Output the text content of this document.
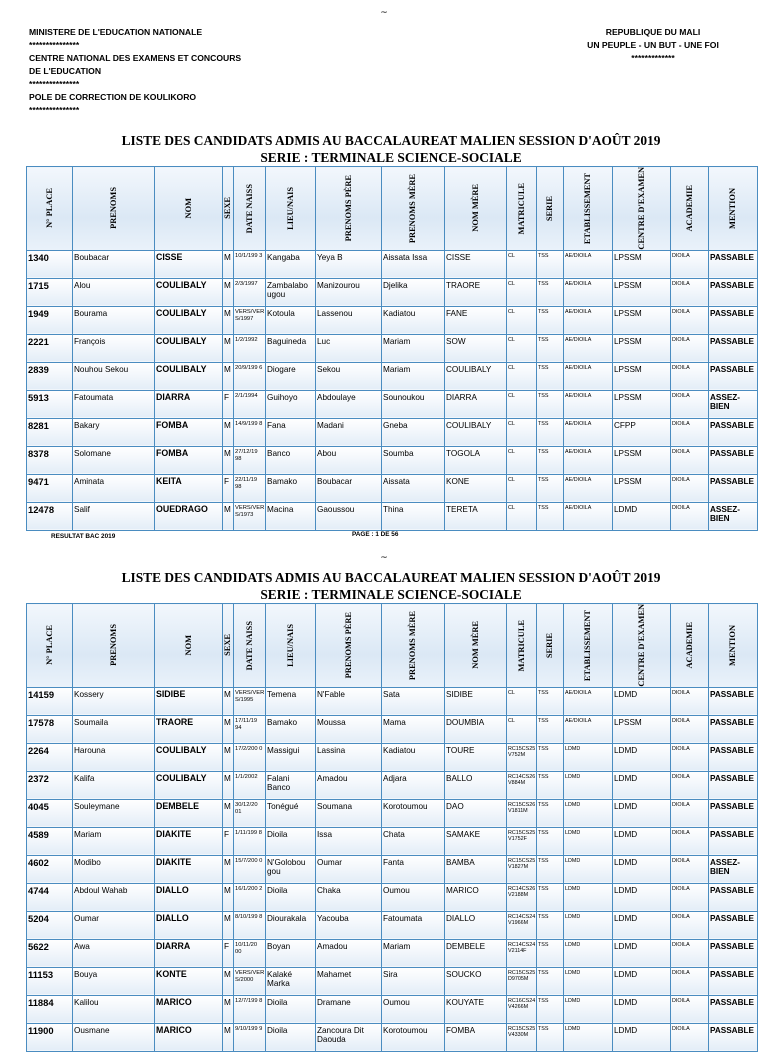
~
MINISTERE DE L'EDUCATION NATIONALE
***************
CENTRE NATIONAL DES EXAMENS ET CONCOURS
DE L'EDUCATION
***************
POLE DE CORRECTION DE KOULIKORO
***************
REPUBLIQUE DU MALI
UN PEUPLE - UN BUT - UNE FOI
*************
LISTE DES CANDIDATS ADMIS AU BACCALAUREAT MALIEN SESSION D'AOÛT 2019
SERIE : TERMINALE SCIENCE-SOCIALE
N° PLACE	PRENOMS	NOM	SEXE	DATE NAISS	LIEU/NAIS	PRENOMS PÈRE	PRENOMS MÈRE	NOM MÈRE	MATRICULE	SERIE	ETABLISSEMENT	CENTRE D'EXAMEN	ACADEMIE	MENTION

1340	Boubacar	CISSE	M	10/1/199 3	Kangaba	Yeya B	Aissata Issa	CISSE	CL	TSS	AE/DIOILA	LPSSM	DIOILA	PASSABLE
1715	Alou	COULIBALY	M	2/3/1997	Zambalabo ugou	Manizourou	Djelika	TRAORE	CL	TSS	AE/DIOILA	LPSSM	DIOILA	PASSABLE
1949	Bourama	COULIBALY	M	VERS/VER S/1997	Kotoula	Lassenou	Kadiatou	FANE	CL	TSS	AE/DIOILA	LPSSM	DIOILA	PASSABLE
2221	François	COULIBALY	M	1/2/1992	Baguineda	Luc	Mariam	SOW	CL	TSS	AE/DIOILA	LPSSM	DIOILA	PASSABLE
2839	Nouhou Sekou	COULIBALY	M	20/9/199 6	Diogare	Sekou	Mariam	COULIBALY	CL	TSS	AE/DIOILA	LPSSM	DIOILA	PASSABLE
5913	Fatoumata	DIARRA	F	2/1/1994	Guihoyo	Abdoulaye	Sounoukou	DIARRA	CL	TSS	AE/DIOILA	LPSSM	DIOILA	ASSEZ-BIEN
8281	Bakary	FOMBA	M	14/9/199 8	Fana	Madani	Gneba	COULIBALY	CL	TSS	AE/DIOILA	CFPP	DIOILA	PASSABLE
8378	Solomane	FOMBA	M	27/12/19 98	Banco	Abou	Soumba	TOGOLA	CL	TSS	AE/DIOILA	LPSSM	DIOILA	PASSABLE
9471	Aminata	KEITA	F	22/11/19 98	Bamako	Boubacar	Aissata	KONE	CL	TSS	AE/DIOILA	LPSSM	DIOILA	PASSABLE
12478	Salif	OUEDRAGO	M	VERS/VER S/1973	Macina	Gaoussou	Thina	TERETA	CL	TSS	AE/DIOILA	LDMD	DIOILA	ASSEZ-BIEN
RESULTAT BAC 2019	PAGE : 1 DE 56
~
LISTE DES CANDIDATS ADMIS AU BACCALAUREAT MALIEN SESSION D'AOÛT 2019
SERIE : TERMINALE SCIENCE-SOCIALE
N° PLACE	PRENOMS	NOM	SEXE	DATE NAISS	LIEU/NAIS	PRENOMS PÈRE	PRENOMS MÈRE	NOM MÈRE	MATRICULE	SERIE	ETABLISSEMENT	CENTRE D'EXAMEN	ACADEMIE	MENTION

14159	Kossery	SIDIBE	M	VERS/VER S/1995	Temena	N'Fable	Sata	SIDIBE	CL	TSS	AE/DIOILA	LDMD	DIOILA	PASSABLE
17578	Soumaila	TRAORE	M	17/11/19 94	Bamako	Moussa	Mama	DOUMBIA	CL	TSS	AE/DIOILA	LPSSM	DIOILA	PASSABLE
2264	Harouna	COULIBALY	M	17/2/200 0	Massigui	Lassina	Kadiatou	TOURE	RC15CS25 V752M	TSS	LDMD	LDMD	DIOILA	PASSABLE
2372	Kalifa	COULIBALY	M	1/1/2002	Falani Banco	Amadou	Adjara	BALLO	RC14CS26 V884M	TSS	LDMD	LDMD	DIOILA	PASSABLE
4045	Souleymane	DEMBELE	M	30/12/20 01	Tonégué	Soumana	Korotoumou	DAO	RC15CS26 V1811M	TSS	LDMD	LDMD	DIOILA	PASSABLE
4589	Mariam	DIAKITE	F	1/11/199 8	Dioila	Issa	Chata	SAMAKE	RC15CS25 V1752F	TSS	LDMD	LDMD	DIOILA	PASSABLE
4602	Modibo	DIAKITE	M	15/7/200 0	N'Golobou gou	Oumar	Fanta	BAMBA	RC15CS25 V1827M	TSS	LDMD	LDMD	DIOILA	ASSEZ-BIEN
4744	Abdoul Wahab	DIALLO	M	16/1/200 2	Dioila	Chaka	Oumou	MARICO	RC14CS26 V2188M	TSS	LDMD	LDMD	DIOILA	PASSABLE
5204	Oumar	DIALLO	M	8/10/199 8	Diourakala	Yacouba	Fatoumata	DIALLO	RC14CS24 V1966M	TSS	LDMD	LDMD	DIOILA	PASSABLE
5622	Awa	DIARRA	F	10/11/20 00	Boyan	Amadou	Mariam	DEMBELE	RC14CS24 V2114F	TSS	LDMD	LDMD	DIOILA	PASSABLE
11153	Bouya	KONTE	M	VERS/VER S/2000	Kalaké Marka	Mahamet	Sira	SOUCKO	RC15CS25 D9705M	TSS	LDMD	LDMD	DIOILA	PASSABLE
11884	Kalilou	MARICO	M	12/7/199 8	Dioila	Dramane	Oumou	KOUYATE	RC16CS24 V4266M	TSS	LDMD	LDMD	DIOILA	PASSABLE
11900	Ousmane	MARICO	M	9/10/199 9	Dioila	Zancoura Dit Daouda	Korotoumou	FOMBA	RC15CS25 V4330M	TSS	LDMD	LDMD	DIOILA	PASSABLE
